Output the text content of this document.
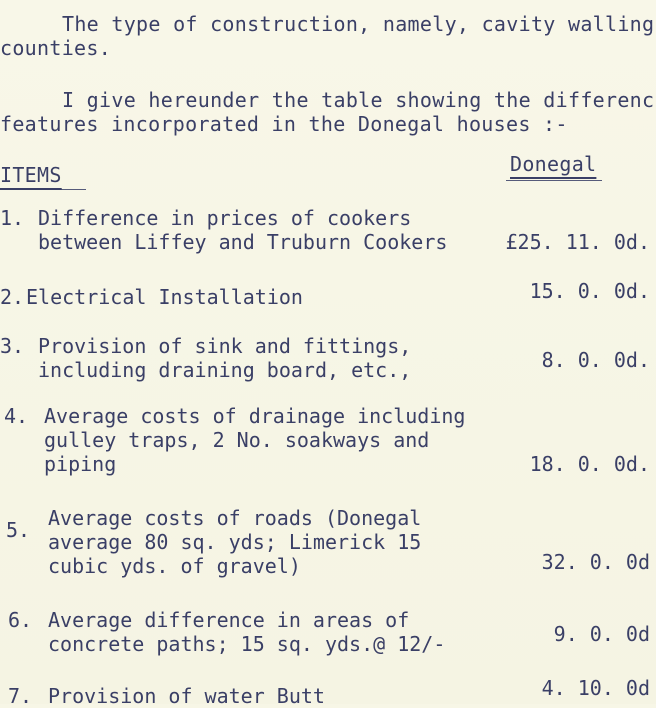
The type of construction, namely, cavity walling
counties.
I give hereunder the table showing the differenc
features incorporated in the Donegal houses :-
ITEMS	Donegal
1. Difference in prices of cookers
between Liffey and Truburn Cookers	£25. 11. 0d.
2. Electrical Installation	15. 0. 0d.
3. Provision of sink and fittings,
including draining board, etc.,	8. 0. 0d.
4. Average costs of drainage including
gulley traps, 2 No. soakways and
piping	18. 0. 0d.
5. Average costs of roads (Donegal
average 80 sq. yds; Limerick 15
cubic yds. of gravel)	32. 0. 0d
6. Average difference in areas of
concrete paths; 15 sq. yds.@ 12/-	9. 0. 0d
7. Provision of water Butt	4. 10. 0d
